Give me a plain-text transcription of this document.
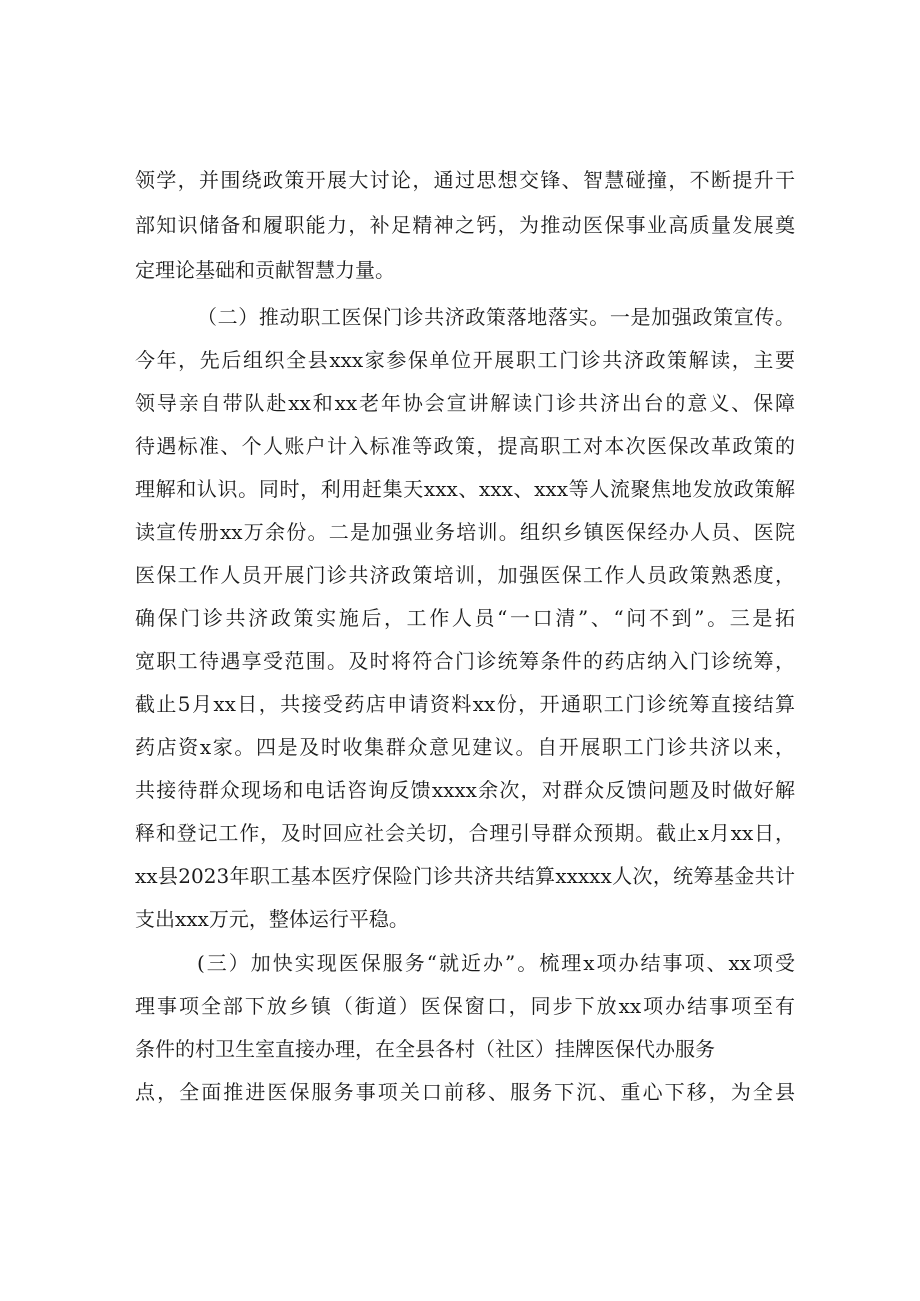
领学，并围绕政策开展大讨论，通过思想交锋、智慧碰撞，不断提升干
部知识储备和履职能力，补足精神之钙，为推动医保事业高质量发展奠
定理论基础和贡献智慧力量。
（二）推动职工医保门诊共济政策落地落实。一是加强政策宣传。
今年，先后组织全县xxx家参保单位开展职工门诊共济政策解读，主要
领导亲自带队赴xx和xx老年协会宣讲解读门诊共济出台的意义、保障
待遇标准、个人账户计入标准等政策，提高职工对本次医保改革政策的
理解和认识。同时，利用赶集天xxx、xxx、xxx等人流聚焦地发放政策解
读宣传册xx万余份。二是加强业务培训。组织乡镇医保经办人员、医院
医保工作人员开展门诊共济政策培训，加强医保工作人员政策熟悉度，
确保门诊共济政策实施后，工作人员“一口清”、“问不到”。三是拓
宽职工待遇享受范围。及时将符合门诊统筹条件的药店纳入门诊统筹，
截止5月xx日，共接受药店申请资料xx份，开通职工门诊统筹直接结算
药店资x家。四是及时收集群众意见建议。自开展职工门诊共济以来，
共接待群众现场和电话咨询反馈xxxx余次，对群众反馈问题及时做好解
释和登记工作，及时回应社会关切，合理引导群众预期。截止x月xx日，
xx县2023年职工基本医疗保险门诊共济共结算xxxxx人次，统筹基金共计
支出xxx万元，整体运行平稳。
(三）加快实现医保服务“就近办”。梳理x项办结事项、xx项受
理事项全部下放乡镇（街道）医保窗口，同步下放xx项办结事项至有
条件的村卫生室直接办理，在全县各村（社区）挂牌医保代办服务
点，全面推进医保服务事项关口前移、服务下沉、重心下移，为全县
